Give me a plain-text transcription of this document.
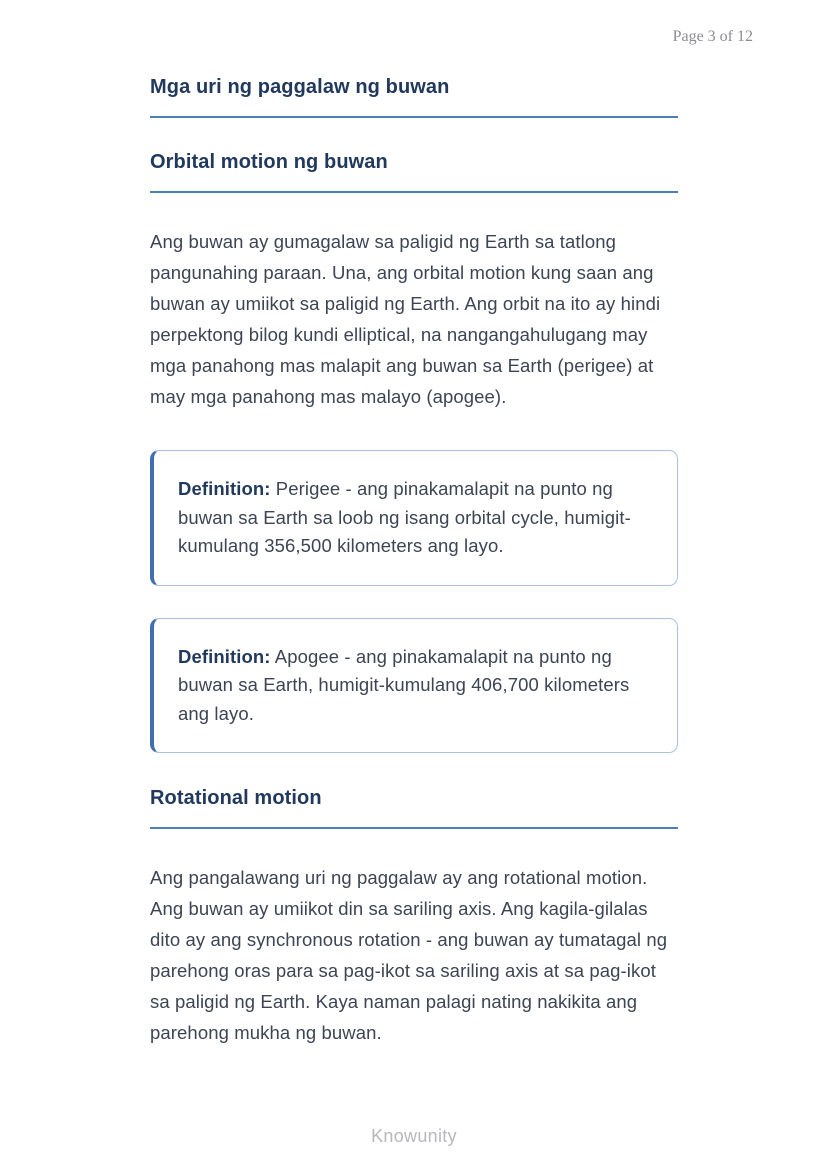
Page 3 of 12
Mga uri ng paggalaw ng buwan
Orbital motion ng buwan

Ang buwan ay gumagalaw sa paligid ng Earth sa tatlong pangunahing paraan. Una, ang orbital motion kung saan ang buwan ay umiikot sa paligid ng Earth. Ang orbit na ito ay hindi perpektong bilog kundi elliptical, na nangangahulugang may mga panahong mas malapit ang buwan sa Earth (perigee) at may mga panahong mas malayo (apogee).

Definition: Perigee - ang pinakamalapit na punto ng buwan sa Earth sa loob ng isang orbital cycle, humigit-kumulang 356,500 kilometers ang layo.

Definition: Apogee - ang pinakamalapit na punto ng buwan sa Earth, humigit-kumulang 406,700 kilometers ang layo.

Rotational motion

Ang pangalawang uri ng paggalaw ay ang rotational motion. Ang buwan ay umiikot din sa sariling axis. Ang kagila-gilalas dito ay ang synchronous rotation - ang buwan ay tumatagal ng parehong oras para sa pag-ikot sa sariling axis at sa pag-ikot sa paligid ng Earth. Kaya naman palagi nating nakikita ang parehong mukha ng buwan.

Knowunity
